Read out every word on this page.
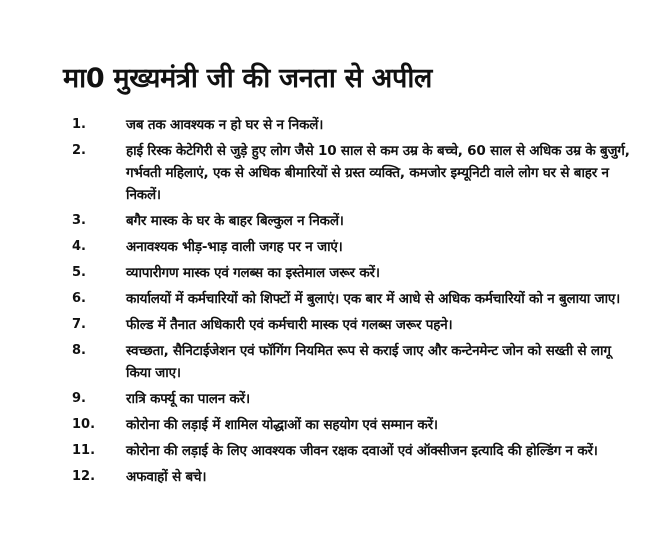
मा0 मुख्यमंत्री जी की जनता से अपील
1.	जब तक आवश्यक न हो घर से न निकलें।
2.	हाई रिस्क केटेगिरी से जुड़े हुए लोग जैसे 10 साल से कम उम्र के बच्चे, 60 साल से अधिक उम्र के बुजुर्ग, गर्भवती महिलाएं, एक से अधिक बीमारियों से ग्रस्त व्यक्ति, कमजोर इम्यूनिटी वाले लोग घर से बाहर न निकलें।
3.	बगैर मास्क के घर के बाहर बिल्कुल न निकलें।
4.	अनावश्यक भीड़-भाड़ वाली जगह पर न जाएं।
5.	व्यापारीगण मास्क एवं गलब्स का इस्तेमाल जरूर करें।
6.	कार्यालयों में कर्मचारियों को शिफ्टों में बुलाएं। एक बार में आधे से अधिक कर्मचारियों को न बुलाया जाए।
7.	फील्ड में तैनात अधिकारी एवं कर्मचारी मास्क एवं गलब्स जरूर पहने।
8.	स्वच्छता, सैनिटाईजेशन एवं फॉगिंग नियमित रूप से कराई जाए और कन्टेनमेन्ट जोन को सख्ती से लागू किया जाए।
9.	रात्रि कर्फ्यू का पालन करें।
10.	कोरोना की लड़ाई में शामिल योद्धाओं का सहयोग एवं सम्मान करें।
11.	कोरोना की लड़ाई के लिए आवश्यक जीवन रक्षक दवाओं एवं ऑक्सीजन इत्यादि की होल्डिंग न करें।
12.	अफवाहों से बचे।
